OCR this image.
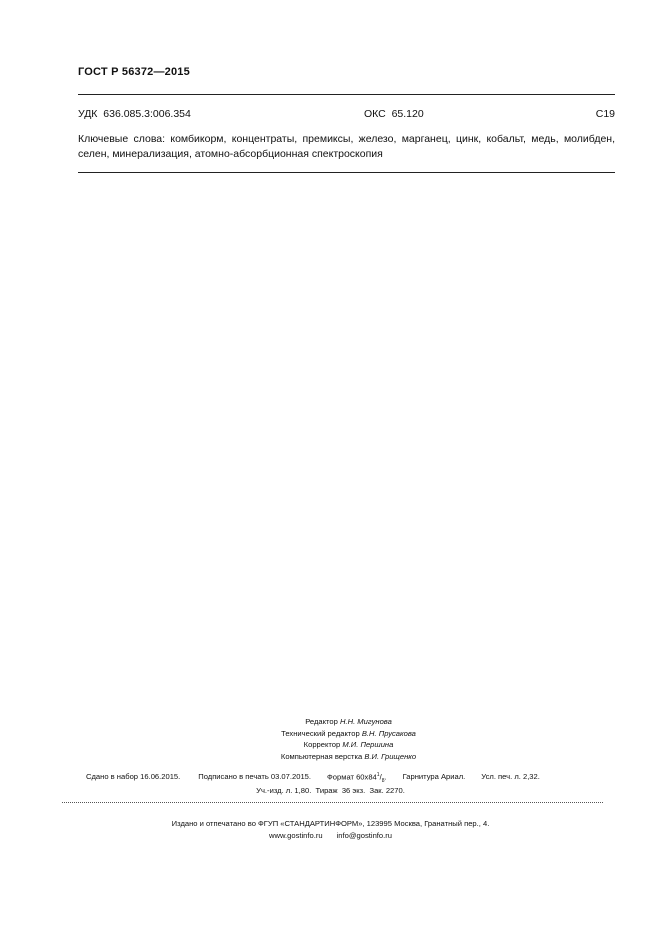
ГОСТ Р 56372—2015
УДК  636.085.3:006.354	ОКС  65.120	С19
Ключевые слова: комбикорм, концентраты, премиксы, железо, марганец, цинк, кобальт, медь, молибден, селен, минерализация, атомно-абсорбционная спектроскопия
Редактор Н.Н. Мигунова
Технический редактор В.Н. Прусакова
Корректор М.И. Першина
Компьютерная верстка В.И. Грищенко
Сдано в набор 16.06.2015. Подписано в печать 03.07.2015. Формат $60x84^1/_8$. Гарнитура Ариал. Усл. печ. л. 2,32.
Уч.-изд. л. 1,80.  Тираж  36 экз.  Зак. 2270.
Издано и отпечатано во ФГУП «СТАНДАРТИНФОРМ», 123995 Москва, Гранатный пер., 4.
www.gostinfo.ru info@gostinfo.ru
